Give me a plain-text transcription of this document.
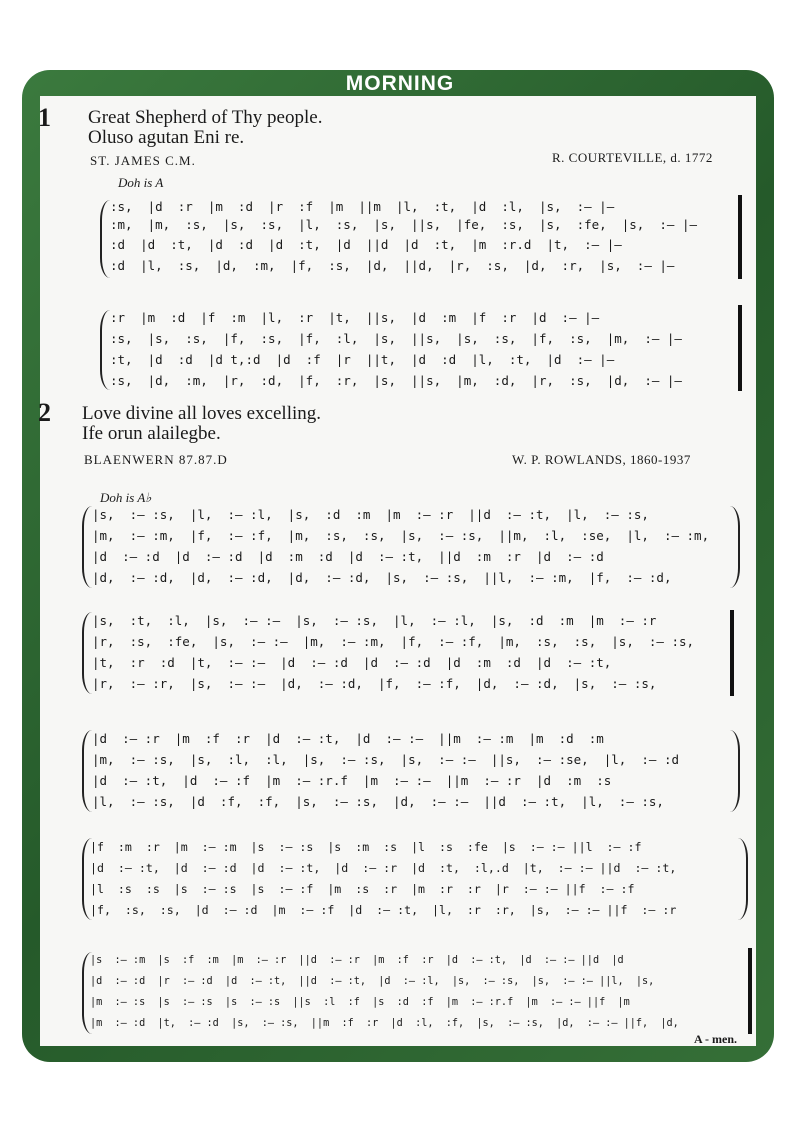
MORNING
1 Great Shepherd of Thy people.
Oluso agutan Eni re.
ST. JAMES C.M.	R. COURTEVILLE, d. 1772
Doh is A
:s,  |d  :r  |m  :d  |r  :f  |m  ||m  |l,  :t,  |d  :l,  |s,  :— |—
:m,  |m,  :s,  |s,  :s,  |l,  :s,  |s,  ||s,  |fe,  :s,  |s,  :fe,  |s,  :— |—
:d  |d  :t,  |d  :d  |d  :t,  |d  ||d  |d  :t,  |m  :r.d  |t,  :— |—
:d  |l,  :s,  |d,  :m,  |f,  :s,  |d,  ||d,  |r,  :s,  |d,  :r,  |s,  :— |—
:r  |m  :d  |f  :m  |l,  :r  |t,  ||s,  |d  :m  |f  :r  |d  :— |—
:s,  |s,  :s,  |f,  :s,  |f,  :l,  |s,  ||s,  |s,  :s,  |f,  :s,  |m,  :— |—
:t,  |d  :d  |d t,:d  |d  :f  |r  ||t,  |d  :d  |l,  :t,  |d  :— |—
:s,  |d,  :m,  |r,  :d,  |f,  :r,  |s,  ||s,  |m,  :d,  |r,  :s,  |d,  :— |—
2 Love divine all loves excelling.
Ife orun alailegbe.
BLAENWERN 87.87.D	W. P. ROWLANDS, 1860-1937
Doh is A♭
|s,  :— :s,  |l,  :— :l,  |s,  :d  :m  |m  :— :r  ||d  :— :t,  |l,  :— :s,
|m,  :— :m,  |f,  :— :f,  |m,  :s,  :s,  |s,  :— :s,  ||m,  :l,  :se,  |l,  :— :m,
|d  :— :d  |d  :— :d  |d  :m  :d  |d  :— :t,  ||d  :m  :r  |d  :— :d
|d,  :— :d,  |d,  :— :d,  |d,  :— :d,  |s,  :— :s,  ||l,  :— :m,  |f,  :— :d,
|s,  :t,  :l,  |s,  :— :—  |s,  :— :s,  |l,  :— :l,  |s,  :d  :m  |m  :— :r
|r,  :s,  :fe,  |s,  :— :—  |m,  :— :m,  |f,  :— :f,  |m,  :s,  :s,  |s,  :— :s,
|t,  :r  :d  |t,  :— :—  |d  :— :d  |d  :— :d  |d  :m  :d  |d  :— :t,
|r,  :— :r,  |s,  :— :—  |d,  :— :d,  |f,  :— :f,  |d,  :— :d,  |s,  :— :s,
|d  :— :r  |m  :f  :r  |d  :— :t,  |d  :— :—  ||m  :— :m  |m  :d  :m
|m,  :— :s,  |s,  :l,  :l,  |s,  :— :s,  |s,  :— :—  ||s,  :— :se,  |l,  :— :d
|d  :— :t,  |d  :— :f  |m  :— :r.f  |m  :— :—  ||m  :— :r  |d  :m  :s
|l,  :— :s,  |d  :f,  :f,  |s,  :— :s,  |d,  :— :—  ||d  :— :t,  |l,  :— :s,
|f  :m  :r  |m  :— :m  |s  :— :s  |s  :m  :s  |l  :s  :fe  |s  :— :— ||l  :— :f
|d  :— :t,  |d  :— :d  |d  :— :t,  |d  :— :r  |d  :t,  :l,.d  |t,  :— :— ||d  :— :t,
|l  :s  :s  |s  :— :s  |s  :— :f  |m  :s  :r  |m  :r  :r  |r  :— :— ||f  :— :f
|f,  :s,  :s,  |d  :— :d  |m  :— :f  |d  :— :t,  |l,  :r  :r,  |s,  :— :— ||f  :— :r
|s  :— :m  |s  :f  :m  |m  :— :r  ||d  :— :r  |m  :f  :r  |d  :— :t,  |d  :— :— ||d  |d
|d  :— :d  |r  :— :d  |d  :— :t,  ||d  :— :t,  |d  :— :l,  |s,  :— :s,  |s,  :— :— ||l,  |s,
|m  :— :s  |s  :— :s  |s  :— :s  ||s  :l  :f  |s  :d  :f  |m  :— :r.f  |m  :— :— ||f  |m
|m  :— :d  |t,  :— :d  |s,  :— :s,  ||m  :f  :r  |d  :l,  :f,  |s,  :— :s,  |d,  :— :— ||f,  |d,
A - men.
